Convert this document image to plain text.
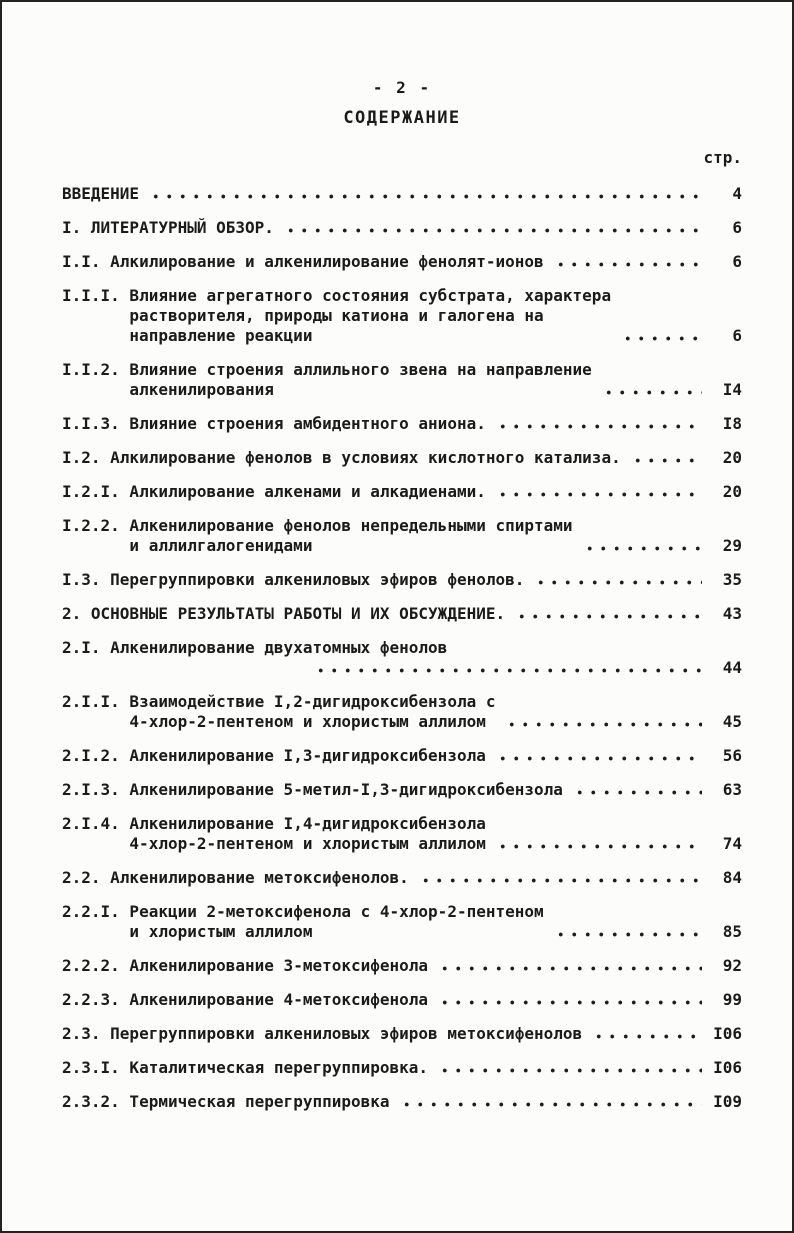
- 2 -
СОДЕРЖАНИЕ
стр.
ВВЕДЕНИЕ	4
I. ЛИТЕРАТУРНЫЙ ОБЗОР.	6
I.I. Алкилирование и алкенилирование фенолят-ионов	6
I.I.I. Влияние агрегатного состояния субстрата, характера
растворителя, природы катиона и галогена на
направление реакции	6
I.I.2. Влияние строения аллильного звена на направление
алкенилирования	I4
I.I.3. Влияние строения амбидентного аниона.	I8
I.2. Алкилирование фенолов в условиях кислотного катализа.	20
I.2.I. Алкилирование алкенами и алкадиенами.	20
I.2.2. Алкенилирование фенолов непредельными спиртами
и аллилгалогенидами	29
I.3. Перегруппировки алкениловых эфиров фенолов.	35
2. ОСНОВНЫЕ РЕЗУЛЬТАТЫ РАБОТЫ И ИХ ОБСУЖДЕНИЕ.	43
2.I. Алкенилирование двухатомных фенолов
44
2.I.I. Взаимодействие I,2-дигидроксибензола с
4-хлор-2-пентеном и хлористым аллилом	45
2.I.2. Алкенилирование I,3-дигидроксибензола	56
2.I.3. Алкенилирование 5-метил-I,3-дигидроксибензола	63
2.I.4. Алкенилирование I,4-дигидроксибензола
4-хлор-2-пентеном и хлористым аллилом	74
2.2. Алкенилирование метоксифенолов.	84
2.2.I. Реакции 2-метоксифенола с 4-хлор-2-пентеном
и хлористым аллилом	85
2.2.2. Алкенилирование 3-метоксифенола	92
2.2.3. Алкенилирование 4-метоксифенола	99
2.3. Перегруппировки алкениловых эфиров метоксифенолов	I06
2.3.I. Каталитическая перегруппировка.	I06
2.3.2. Термическая перегруппировка	I09
